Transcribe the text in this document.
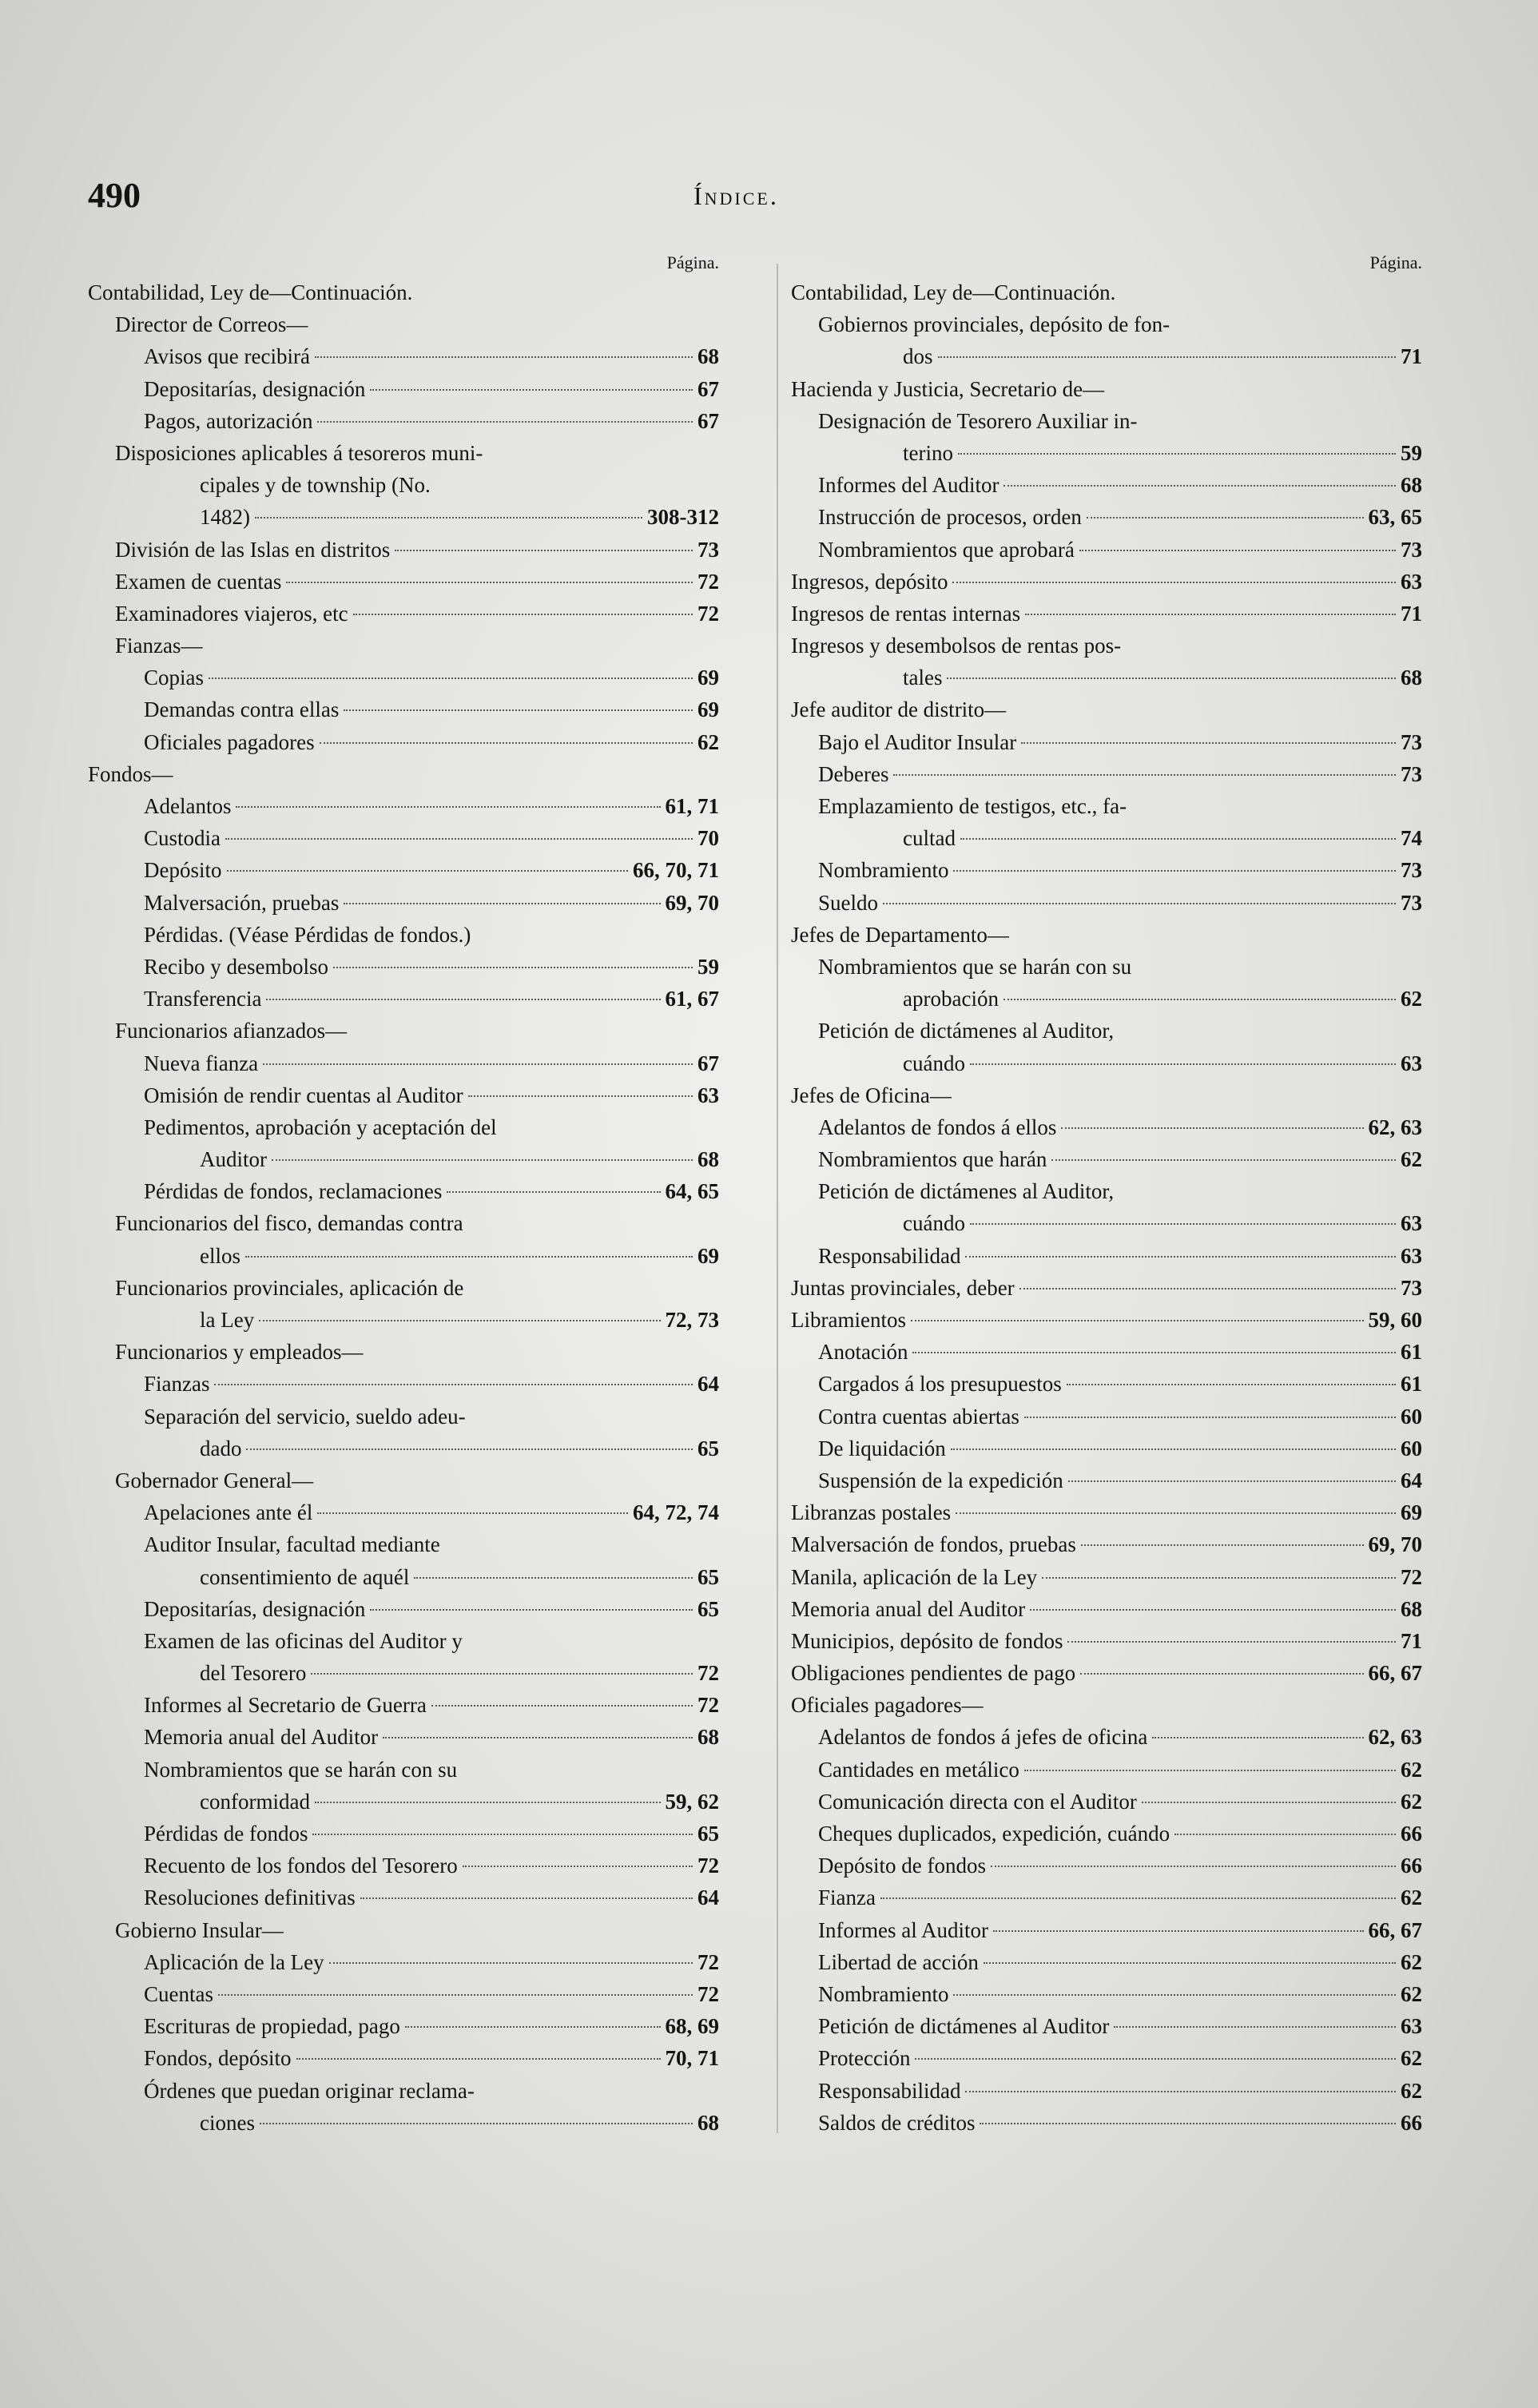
490	Índice.
Página.
Contabilidad, Ley de—Continuación.
Director de Correos—
Avisos que recibirá	68
Depositarías, designación	67
Pagos, autorización	67
Disposiciones aplicables á tesoreros muni-
cipales y de township (No.
1482)	308-312
División de las Islas en distritos	73
Examen de cuentas	72
Examinadores viajeros, etc	72
Fianzas—
Copias	69
Demandas contra ellas	69
Oficiales pagadores	62
Fondos—
Adelantos	61, 71
Custodia	70
Depósito	66, 70, 71
Malversación, pruebas	69, 70
Pérdidas. (Véase Pérdidas de fondos.)
Recibo y desembolso	59
Transferencia	61, 67
Funcionarios afianzados—
Nueva fianza	67
Omisión de rendir cuentas al Auditor	63
Pedimentos, aprobación y aceptación del
Auditor	68
Pérdidas de fondos, reclamaciones	64, 65
Funcionarios del fisco, demandas contra
ellos	69
Funcionarios provinciales, aplicación de
la Ley	72, 73
Funcionarios y empleados—
Fianzas	64
Separación del servicio, sueldo adeu-
dado	65
Gobernador General—
Apelaciones ante él	64, 72, 74
Auditor Insular, facultad mediante
consentimiento de aquél	65
Depositarías, designación	65
Examen de las oficinas del Auditor y
del Tesorero	72
Informes al Secretario de Guerra	72
Memoria anual del Auditor	68
Nombramientos que se harán con su
conformidad	59, 62
Pérdidas de fondos	65
Recuento de los fondos del Tesorero	72
Resoluciones definitivas	64
Gobierno Insular—
Aplicación de la Ley	72
Cuentas	72
Escrituras de propiedad, pago	68, 69
Fondos, depósito	70, 71
Órdenes que puedan originar reclama-
ciones	68
Página.
Contabilidad, Ley de—Continuación.
Gobiernos provinciales, depósito de fon-
dos	71
Hacienda y Justicia, Secretario de—
Designación de Tesorero Auxiliar in-
terino	59
Informes del Auditor	68
Instrucción de procesos, orden	63, 65
Nombramientos que aprobará	73
Ingresos, depósito	63
Ingresos de rentas internas	71
Ingresos y desembolsos de rentas pos-
tales	68
Jefe auditor de distrito—
Bajo el Auditor Insular	73
Deberes	73
Emplazamiento de testigos, etc., fa-
cultad	74
Nombramiento	73
Sueldo	73
Jefes de Departamento—
Nombramientos que se harán con su
aprobación	62
Petición de dictámenes al Auditor,
cuándo	63
Jefes de Oficina—
Adelantos de fondos á ellos	62, 63
Nombramientos que harán	62
Petición de dictámenes al Auditor,
cuándo	63
Responsabilidad	63
Juntas provinciales, deber	73
Libramientos	59, 60
Anotación	61
Cargados á los presupuestos	61
Contra cuentas abiertas	60
De liquidación	60
Suspensión de la expedición	64
Libranzas postales	69
Malversación de fondos, pruebas	69, 70
Manila, aplicación de la Ley	72
Memoria anual del Auditor	68
Municipios, depósito de fondos	71
Obligaciones pendientes de pago	66, 67
Oficiales pagadores—
Adelantos de fondos á jefes de oficina	62, 63
Cantidades en metálico	62
Comunicación directa con el Auditor	62
Cheques duplicados, expedición, cuándo	66
Depósito de fondos	66
Fianza	62
Informes al Auditor	66, 67
Libertad de acción	62
Nombramiento	62
Petición de dictámenes al Auditor	63
Protección	62
Responsabilidad	62
Saldos de créditos	66
